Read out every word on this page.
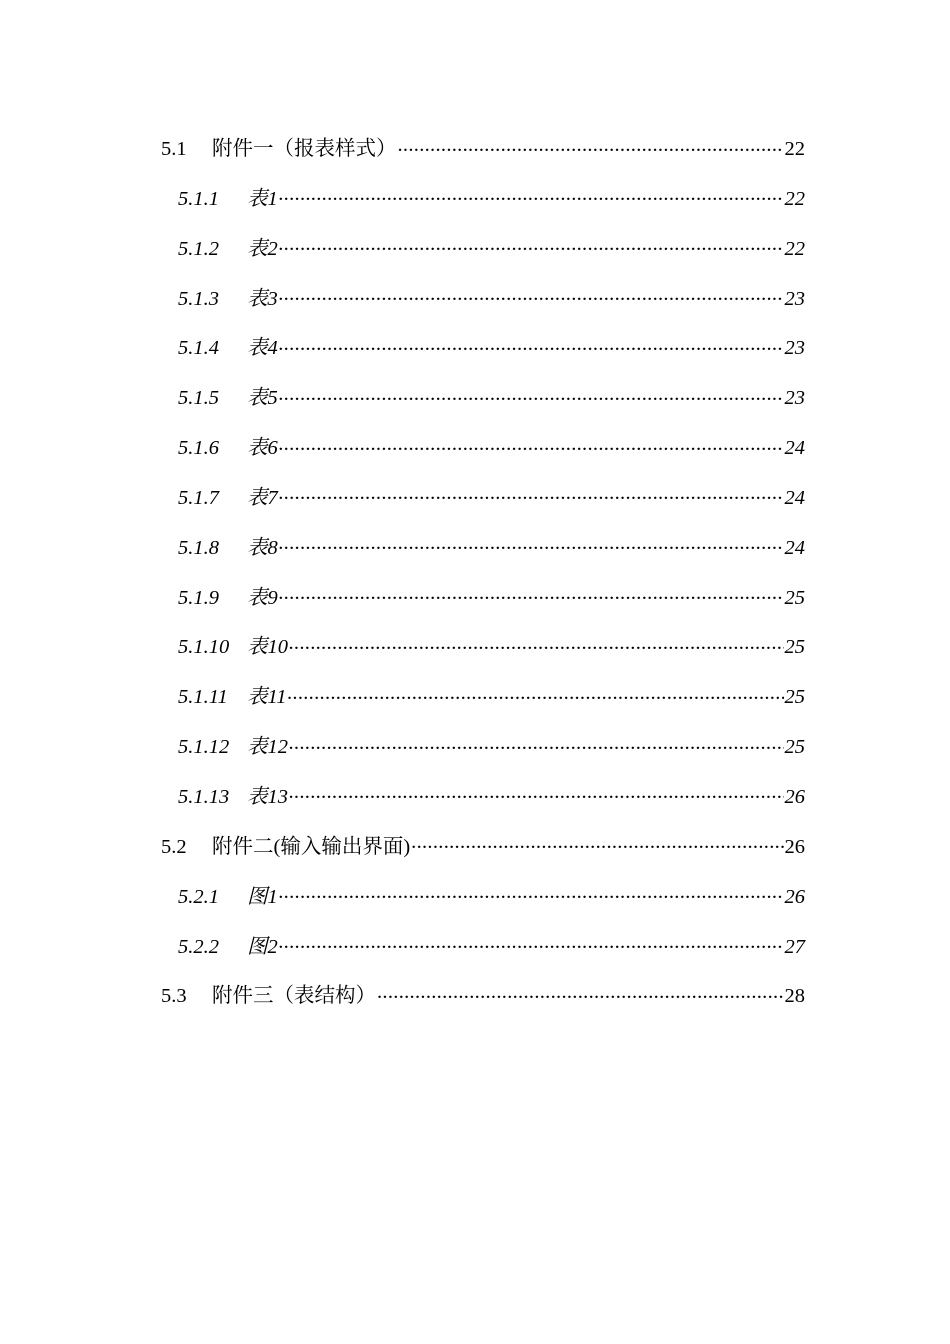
5.1	附件一（报表样式） .....	22
5.1.1	表1 .....	22
5.1.2	表2 .....	22
5.1.3	表3 .....	23
5.1.4	表4 .....	23
5.1.5	表5 .....	23
5.1.6	表6 .....	24
5.1.7	表7 .....	24
5.1.8	表8 .....	24
5.1.9	表9 .....	25
5.1.10 表10 .....	25
5.1.11 表11 .....	25
5.1.12 表12 .....	25
5.1.13 表13 .....	26
5.2	附件二(输入输出界面) .....	26
5.2.1	图1 .....	26
5.2.2	图2 .....	27
5.3	附件三（表结构） .....	28
